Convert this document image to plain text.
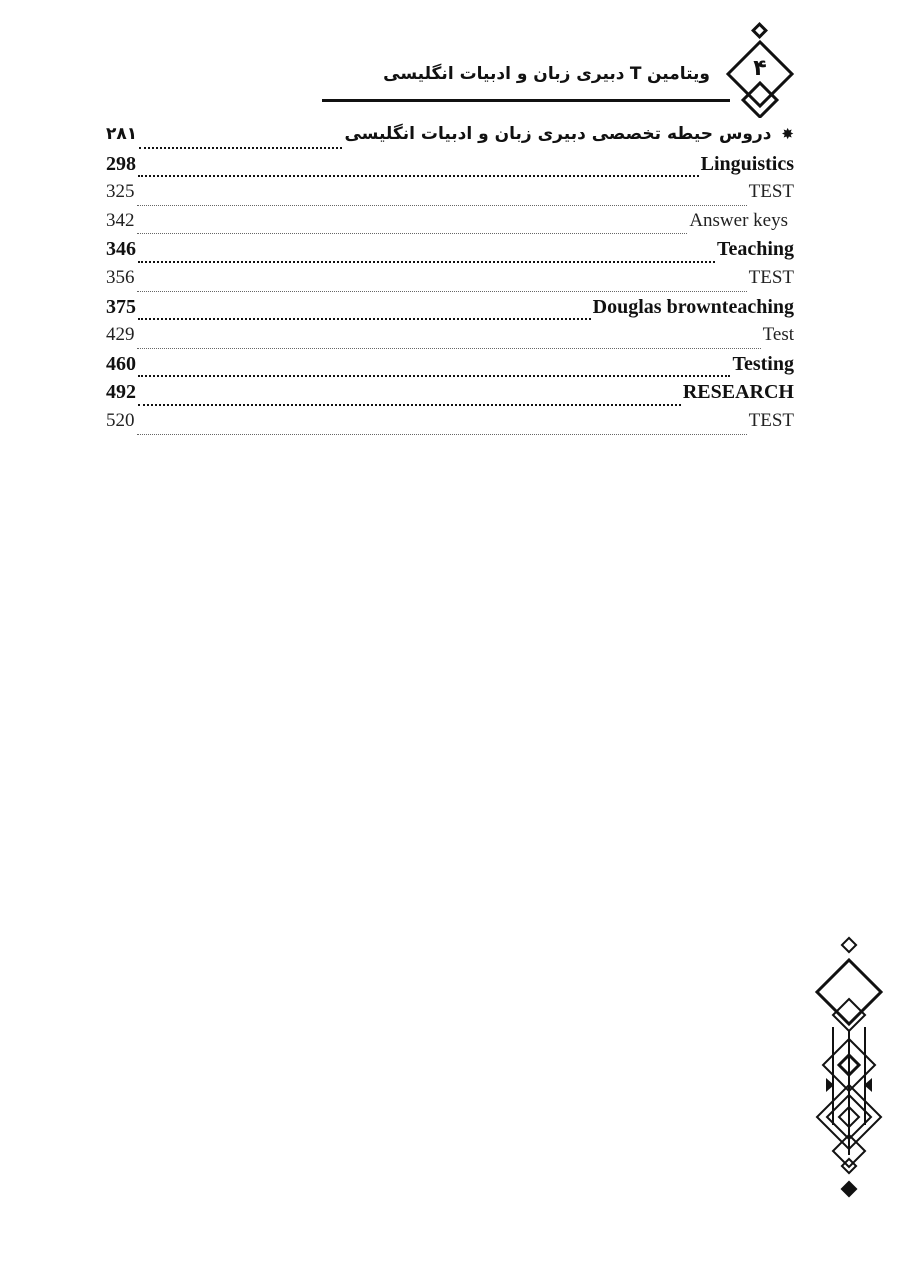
ویتامین T دبیری زبان و ادبیات انگلیسی	۴
۲۸۱	✸ دروس حیطه تخصصی دبیری زبان و ادبیات انگلیسی
298	Linguistics
325	TEST
342	Answer keys
346	Teaching
356	TEST
375	Douglas brownteaching
429	Test
460	Testing
492	RESEARCH
520	TEST
